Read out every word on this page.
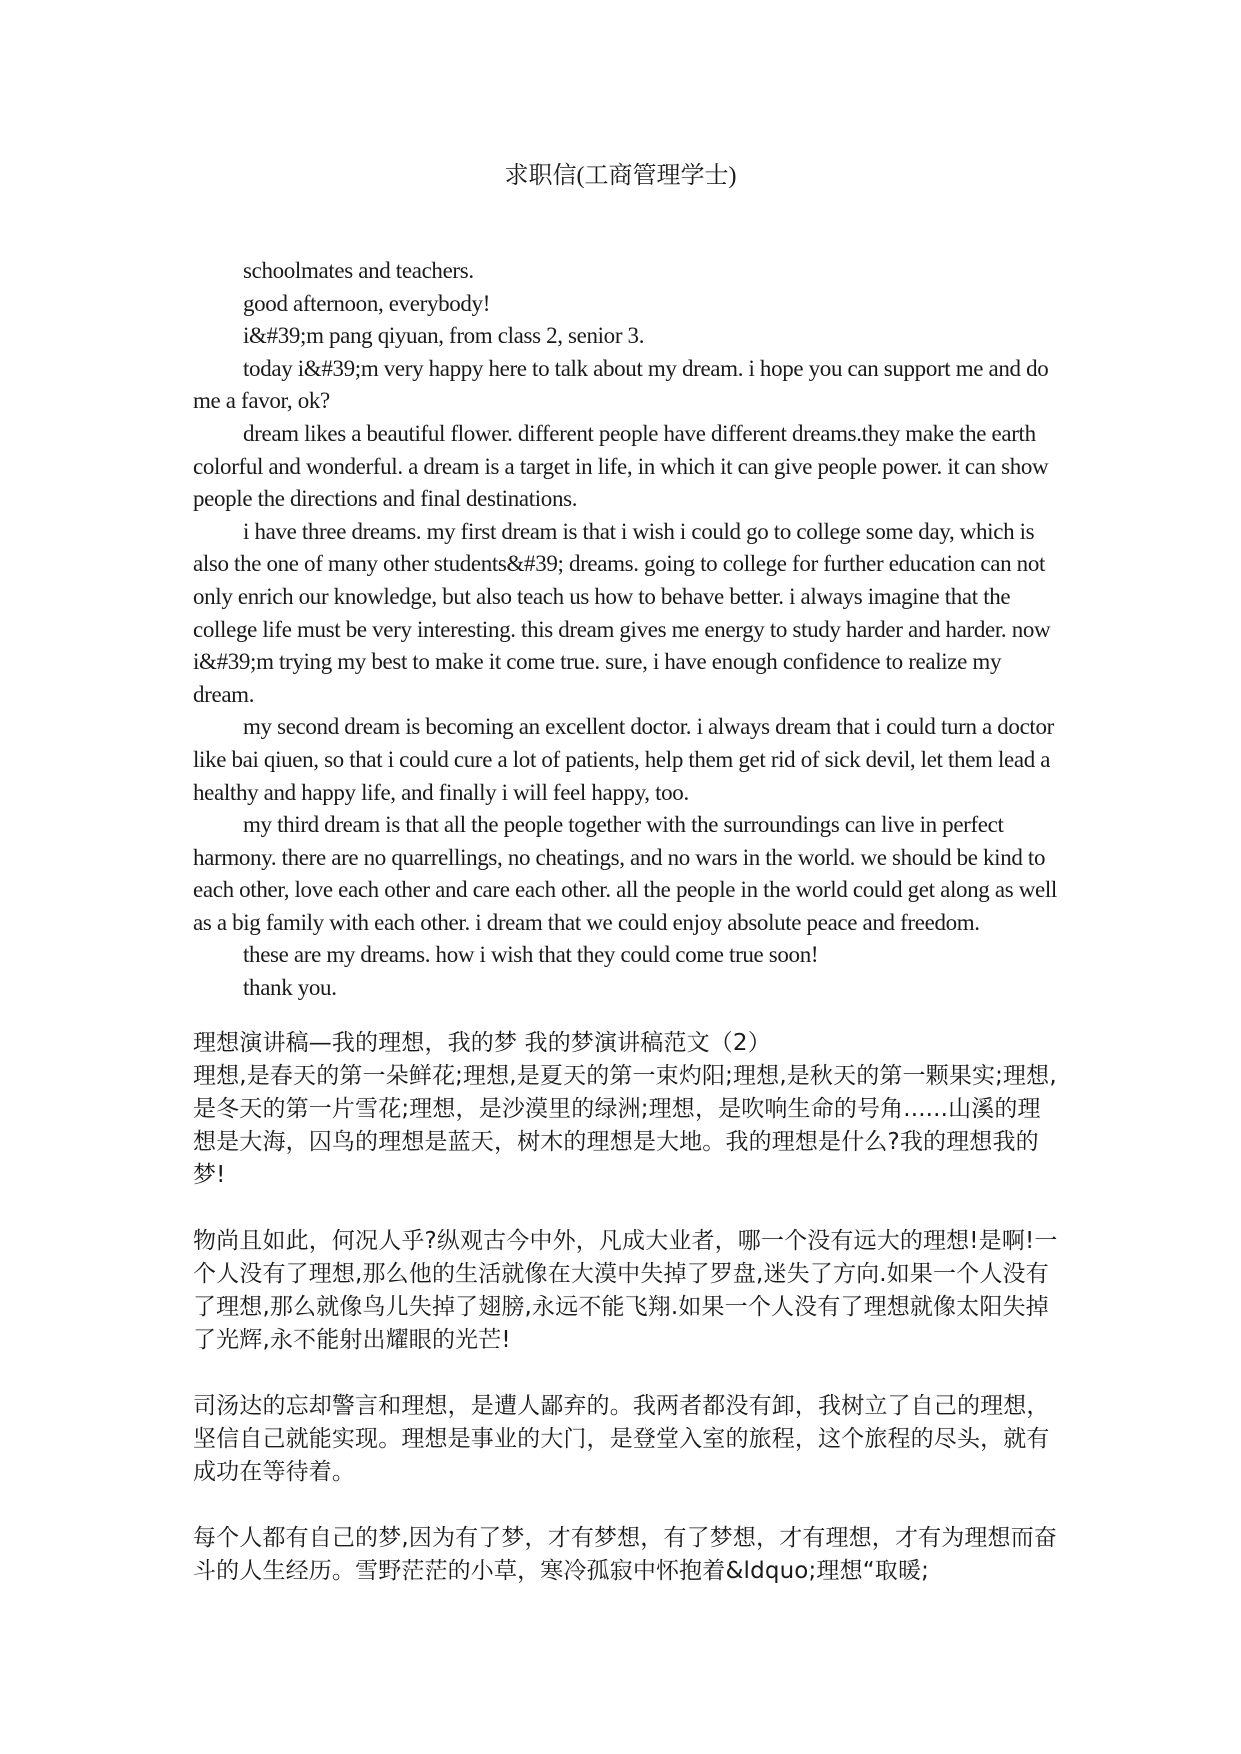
求职信(工商管理学士)

schoolmates and teachers.

good afternoon, everybody!

i&#39;m pang qiyuan, from class 2, senior 3.

today i&#39;m very happy here to talk about my dream. i hope you can support me and do me a favor, ok?

dream likes a beautiful flower. different people have different dreams.they make the earth colorful and wonderful. a dream is a target in life, in which it can give people power. it can show people the directions and final destinations.

i have three dreams. my first dream is that i wish i could go to college some day, which is also the one of many other students&#39; dreams. going to college for further education can not only enrich our knowledge, but also teach us how to behave better. i always imagine that the college life must be very interesting. this dream gives me energy to study harder and harder. now i&#39;m trying my best to make it come true. sure, i have enough confidence to realize my dream.

my second dream is becoming an excellent doctor. i always dream that i could turn a doctor like bai qiuen, so that i could cure a lot of patients, help them get rid of sick devil, let them lead a healthy and happy life, and finally i will feel happy, too.

my third dream is that all the people together with the surroundings can live in perfect harmony. there are no quarrellings, no cheatings, and no wars in the world. we should be kind to each other, love each other and care each other. all the people in the world could get along as well as a big family with each other. i dream that we could enjoy absolute peace and freedom.

these are my dreams. how i wish that they could come true soon!

thank you.

理想演讲稿—我的理想，我的梦 我的梦演讲稿范文（2）

理想,是春天的第一朵鲜花;理想,是夏天的第一束灼阳;理想,是秋天的第一颗果实;理想,是冬天的第一片雪花;理想，是沙漠里的绿洲;理想，是吹响生命的号角......山溪的理想是大海，囚鸟的理想是蓝天，树木的理想是大地。我的理想是什么?我的理想我的梦!

物尚且如此，何况人乎?纵观古今中外，凡成大业者，哪一个没有远大的理想!是啊!一个人没有了理想,那么他的生活就像在大漠中失掉了罗盘,迷失了方向.如果一个人没有了理想,那么就像鸟儿失掉了翅膀,永远不能飞翔.如果一个人没有了理想就像太阳失掉了光辉,永不能射出耀眼的光芒!

司汤达的忘却警言和理想，是遭人鄙弃的。我两者都没有卸，我树立了自己的理想，坚信自己就能实现。理想是事业的大门，是登堂入室的旅程，这个旅程的尽头，就有成功在等待着。

每个人都有自己的梦,因为有了梦，才有梦想，有了梦想，才有理想，才有为理想而奋斗的人生经历。雪野茫茫的小草，寒冷孤寂中怀抱着&ldquo;理想“取暖;
